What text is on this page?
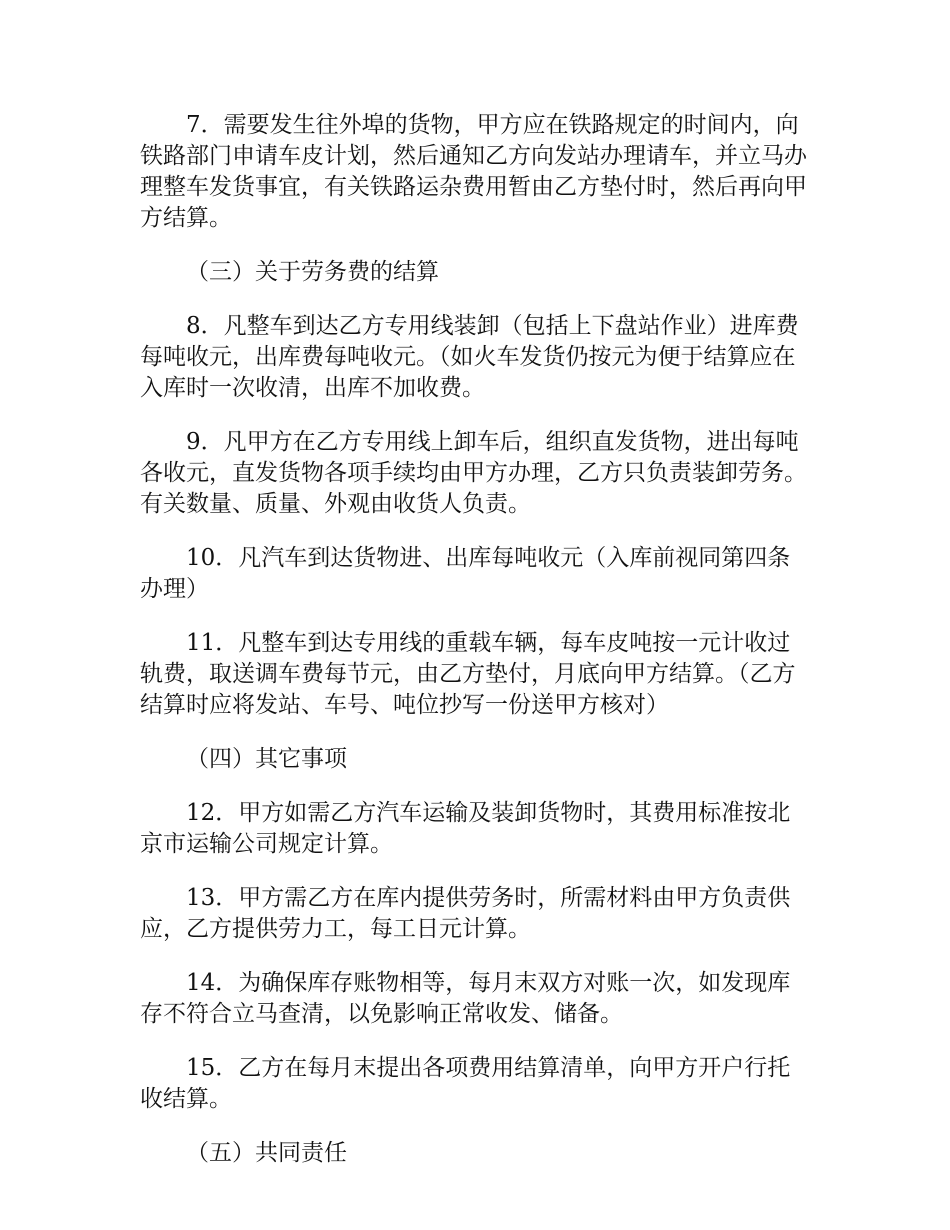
7．需要发生往外埠的货物，甲方应在铁路规定的时间内，向铁路部门申请车皮计划，然后通知乙方向发站办理请车，并立马办理整车发货事宜，有关铁路运杂费用暂由乙方垫付时，然后再向甲方结算。

（三）关于劳务费的结算

8．凡整车到达乙方专用线装卸（包括上下盘站作业）进库费每吨收元，出库费每吨收元。（如火车发货仍按元为便于结算应在入库时一次收清，出库不加收费。

9．凡甲方在乙方专用线上卸车后，组织直发货物，进出每吨各收元，直发货物各项手续均由甲方办理，乙方只负责装卸劳务。有关数量、质量、外观由收货人负责。

10．凡汽车到达货物进、出库每吨收元（入库前视同第四条办理）

11．凡整车到达专用线的重载车辆，每车皮吨按一元计收过轨费，取送调车费每节元，由乙方垫付，月底向甲方结算。（乙方结算时应将发站、车号、吨位抄写一份送甲方核对）

（四）其它事项

12．甲方如需乙方汽车运输及装卸货物时，其费用标准按北京市运输公司规定计算。

13．甲方需乙方在库内提供劳务时，所需材料由甲方负责供应，乙方提供劳力工，每工日元计算。

14．为确保库存账物相等，每月末双方对账一次，如发现库存不符合立马查清，以免影响正常收发、储备。

15．乙方在每月末提出各项费用结算清单，向甲方开户行托收结算。

（五）共同责任
